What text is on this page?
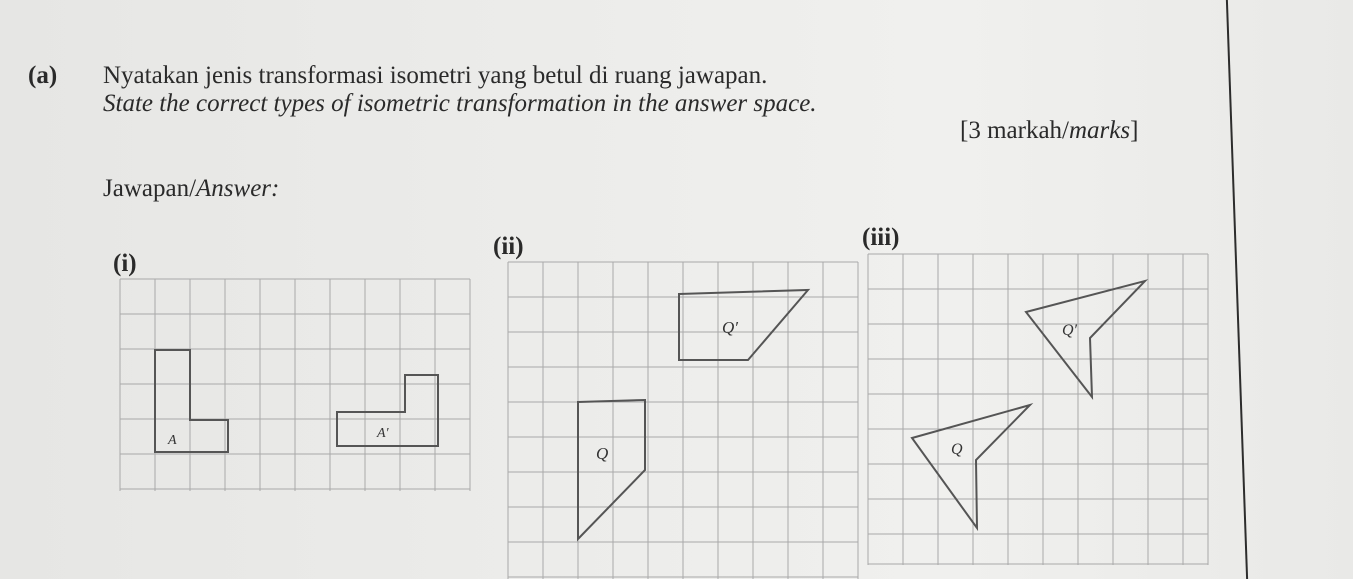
(a) Nyatakan jenis transformasi isometri yang betul di ruang jawapan.
State the correct types of isometric transformation in the answer space.
[3 markah/marks]
Jawapan/Answer:
(i)
(ii)	(iii)
A	A′
Q′
Q
Q′
Q
